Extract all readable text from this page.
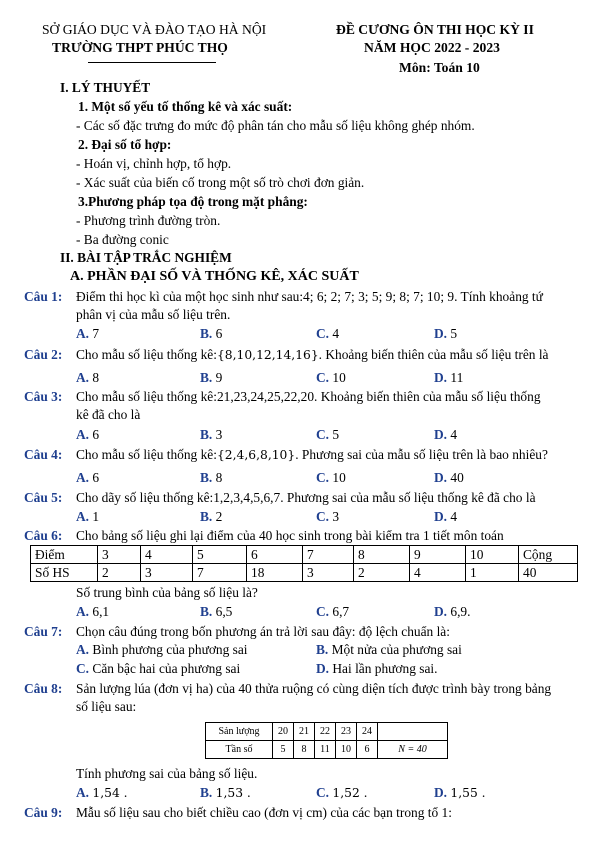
SỞ GIÁO DỤC VÀ ĐÀO TẠO HÀ NỘI
TRƯỜNG THPT PHÚC THỌ
ĐỀ CƯƠNG ÔN THI HỌC KỲ II
NĂM HỌC 2022 - 2023
Môn: Toán 10
I. LÝ THUYẾT
1. Một số yếu tố thống kê và xác suất:
- Các số đặc trưng đo mức độ phân tán cho mẫu số liệu không ghép nhóm.
2. Đại số tổ hợp:
- Hoán vị, chỉnh hợp, tổ hợp.
- Xác suất của biến cố trong một số trò chơi đơn giản.
3.Phương pháp tọa độ trong mặt phẳng:
- Phương trình đường tròn.
- Ba đường conic
II. BÀI TẬP TRẮC NGHIỆM
A. PHẦN ĐẠI SỐ VÀ THỐNG KÊ, XÁC SUẤT
Câu 1: Điểm thi học kì của một học sinh như sau:4; 6; 2; 7; 3; 5; 9; 8; 7; 10; 9. Tính khoảng tứ
phân vị của mẫu số liệu trên.
A. 7	B. 6	C. 4	D. 5
Câu 2: Cho mẫu số liệu thống kê:{8,10,12,14,16}. Khoảng biến thiên của mẫu số liệu trên là
A. 8	B. 9	C. 10	D. 11
Câu 3: Cho mẫu số liệu thống kê:21,23,24,25,22,20. Khoảng biến thiên của mẫu số liệu thống
kê đã cho là
A. 6	B. 3	C. 5	D. 4
Câu 4: Cho mẫu số liệu thống kê:{2,4,6,8,10}. Phương sai của mẫu số liệu trên là bao nhiêu?
A. 6	B. 8	C. 10	D. 40
Câu 5: Cho dãy số liệu thống kê:1,2,3,4,5,6,7. Phương sai của mẫu số liệu thống kê đã cho là
A. 1	B. 2	C. 3	D. 4
Câu 6: Cho bảng số liệu ghi lại điểm của 40 học sinh trong bài kiểm tra 1 tiết môn toán
Điểm	3	4	5	6	7	8	9	10	Cộng
Số HS	2	3	7	18	3	2	4	1	40
Số trung bình của bảng số liệu là?
A. 6,1	B. 6,5	C. 6,7	D. 6,9.
Câu 7: Chọn câu đúng trong bốn phương án trả lời sau đây: độ lệch chuẩn là:
A. Bình phương của phương sai	B. Một nửa của phương sai
C. Căn bậc hai của phương sai	D. Hai lần phương sai.
Câu 8: Sản lượng lúa (đơn vị ha) của 40 thửa ruộng có cùng diện tích được trình bày trong bảng
số liệu sau:
Sản lượng	20	21	22	23	24	
Tần số	5	8	11	10	6	N = 40
Tính phương sai của bảng số liệu.
A. 1,54 .	B. 1,53 .	C. 1,52 .	D. 1,55 .
Câu 9: Mẫu số liệu sau cho biết chiều cao (đơn vị cm) của các bạn trong tổ 1:
